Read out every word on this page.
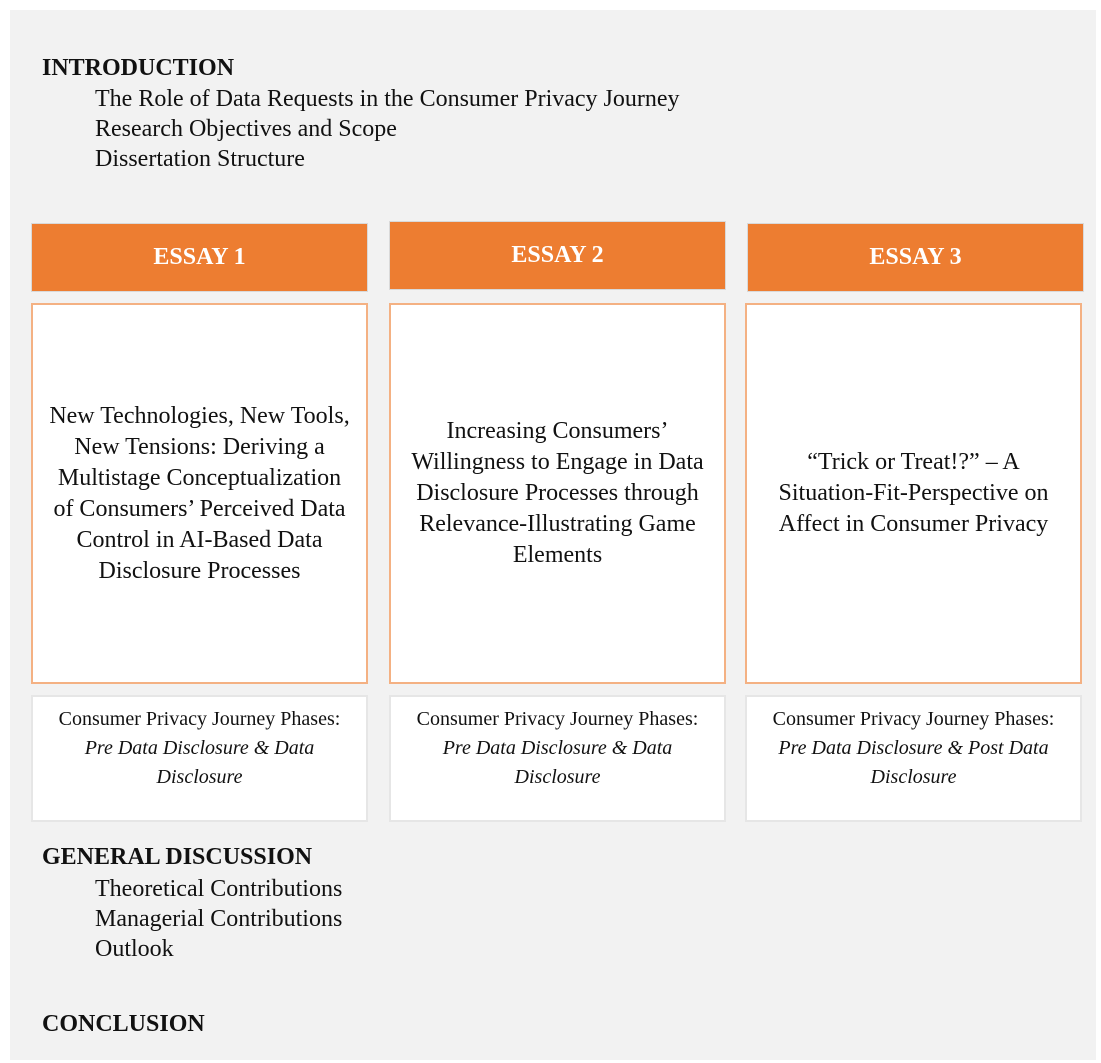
INTRODUCTION
The Role of Data Requests in the Consumer Privacy Journey
Research Objectives and Scope
Dissertation Structure
ESSAY 1
New Technologies, New Tools, New Tensions: Deriving a Multistage Conceptualization of Consumers’ Perceived Data Control in AI-Based Data Disclosure Processes
Consumer Privacy Journey Phases:
Pre Data Disclosure & Data Disclosure
ESSAY 2
Increasing Consumers’ Willingness to Engage in Data Disclosure Processes through Relevance-Illustrating Game Elements
Consumer Privacy Journey Phases:
Pre Data Disclosure & Data Disclosure
ESSAY 3
“Trick or Treat!?” – A Situation-Fit-Perspective on Affect in Consumer Privacy
Consumer Privacy Journey Phases:
Pre Data Disclosure & Post Data Disclosure
GENERAL DISCUSSION
Theoretical Contributions
Managerial Contributions
Outlook
CONCLUSION
